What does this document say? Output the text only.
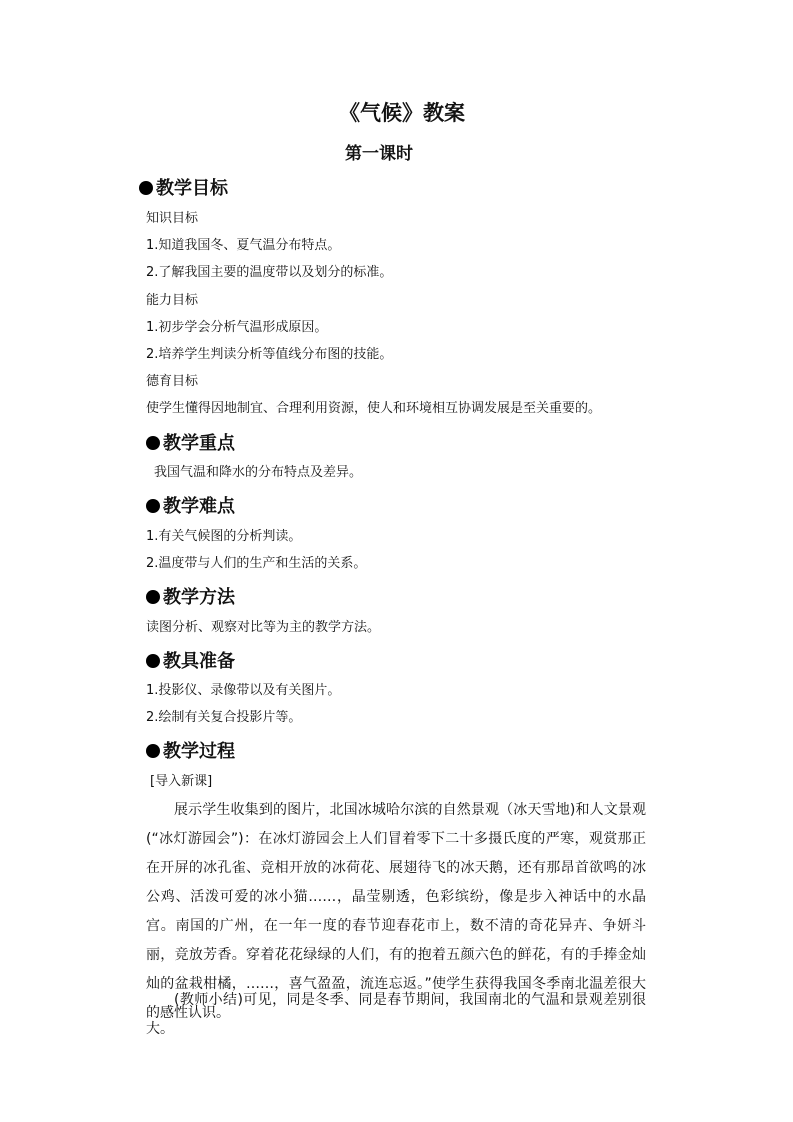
《气候》教案
第一课时
教学目标
知识目标
1.知道我国冬、夏气温分布特点。
2.了解我国主要的温度带以及划分的标准。
能力目标
1.初步学会分析气温形成原因。
2.培养学生判读分析等值线分布图的技能。
德育目标
使学生懂得因地制宜、合理利用资源，使人和环境相互协调发展是至关重要的。
教学重点
我国气温和降水的分布特点及差异。
教学难点
1.有关气候图的分析判读。
2.温度带与人们的生产和生活的关系。
教学方法
读图分析、观察对比等为主的教学方法。
教具准备
1.投影仪、录像带以及有关图片。
2.绘制有关复合投影片等。
教学过程
[导入新课]
展示学生收集到的图片，北国冰城哈尔滨的自然景观（冰天雪地)和人文景观(“冰灯游园会”)：在冰灯游园会上人们冒着零下二十多摄氏度的严寒，观赏那正在开屏的冰孔雀、竞相开放的冰荷花、展翅待飞的冰天鹅，还有那昂首欲鸣的冰公鸡、活泼可爱的冰小猫……，晶莹剔透，色彩缤纷，像是步入神话中的水晶宫。南国的广州，在一年一度的春节迎春花市上，数不清的奇花异卉、争妍斗丽，竞放芳香。穿着花花绿绿的人们，有的抱着五颜六色的鲜花，有的手捧金灿灿的盆栽柑橘，……，喜气盈盈，流连忘返。”使学生获得我国冬季南北温差很大的感性认识。
(教师小结)可见，同是冬季、同是春节期间，我国南北的气温和景观差别很大。
